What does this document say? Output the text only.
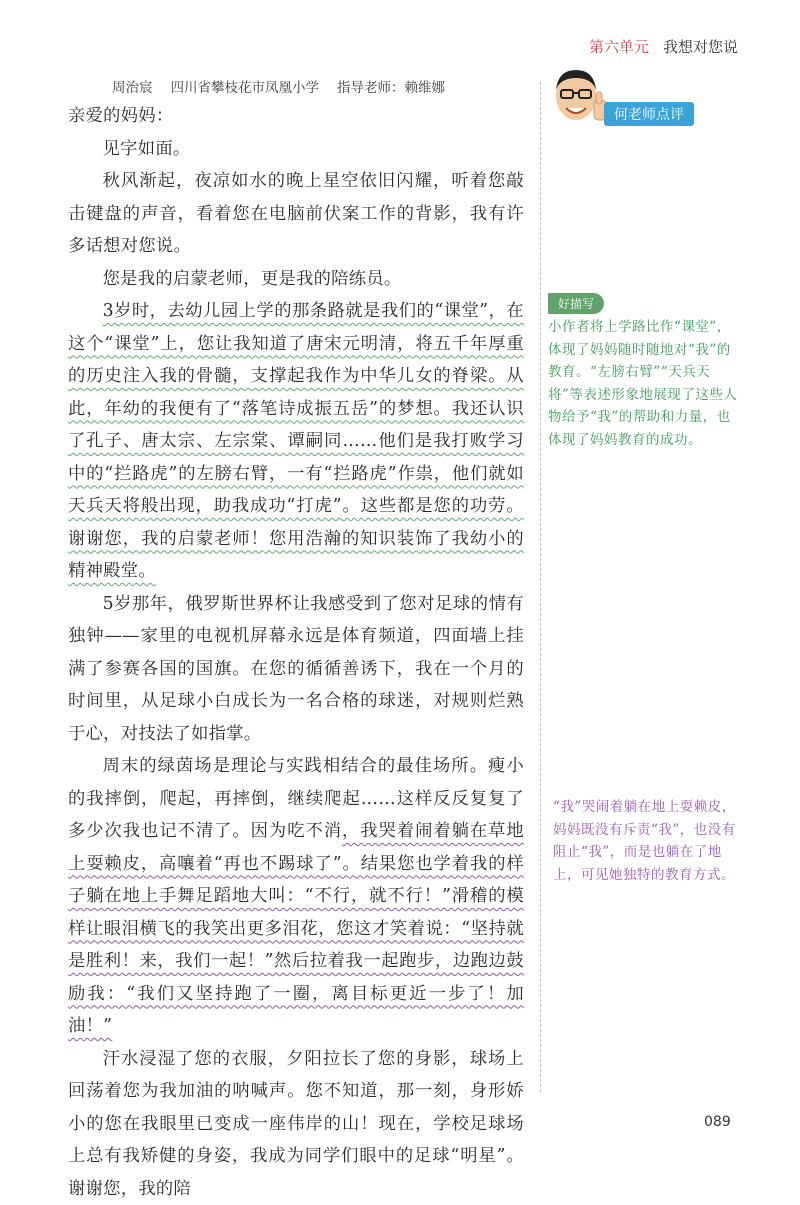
第六单元 我想对您说
周治宸 四川省攀枝花市凤凰小学 指导老师：赖维娜

亲爱的妈妈：

见字如面。

秋风渐起，夜凉如水的晚上星空依旧闪耀，听着您敲击键盘的声音，看着您在电脑前伏案工作的背影，我有许多话想对您说。

您是我的启蒙老师，更是我的陪练员。

3岁时，去幼儿园上学的那条路就是我们的“课堂”，在这个“课堂”上，您让我知道了唐宋元明清，将五千年厚重的历史注入我的骨髓，支撑起我作为中华儿女的脊梁。从此，年幼的我便有了“落笔诗成振五岳”的梦想。我还认识了孔子、唐太宗、左宗棠、谭嗣同……他们是我打败学习中的“拦路虎”的左膀右臂，一有“拦路虎”作祟，他们就如天兵天将般出现，助我成功“打虎”。这些都是您的功劳。谢谢您，我的启蒙老师！您用浩瀚的知识装饰了我幼小的精神殿堂。

5岁那年，俄罗斯世界杯让我感受到了您对足球的情有独钟——家里的电视机屏幕永远是体育频道，四面墙上挂满了参赛各国的国旗。在您的循循善诱下，我在一个月的时间里，从足球小白成长为一名合格的球迷，对规则烂熟于心，对技法了如指掌。

周末的绿茵场是理论与实践相结合的最佳场所。瘦小的我摔倒，爬起，再摔倒，继续爬起……这样反反复复了多少次我也记不清了。因为吃不消，我哭着闹着躺在草地上耍赖皮，高嚷着“再也不踢球了”。结果您也学着我的样子躺在地上手舞足蹈地大叫：“不行，就不行！”滑稽的模样让眼泪横飞的我笑出更多泪花，您这才笑着说：“坚持就是胜利！来，我们一起！”然后拉着我一起跑步，边跑边鼓励我：“我们又坚持跑了一圈，离目标更近一步了！加油！”

汗水浸湿了您的衣服，夕阳拉长了您的身影，球场上回荡着您为我加油的呐喊声。您不知道，那一刻，身形娇小的您在我眼里已变成一座伟岸的山！现在，学校足球场上总有我矫健的身姿，我成为同学们眼中的足球“明星”。谢谢您，我的陪

何老师点评
好描写
小作者将上学路比作“课堂”，体现了妈妈随时随地对“我”的教育。“左膀右臂”“天兵天将”等表述形象地展现了这些人物给予“我”的帮助和力量，也体现了妈妈教育的成功。
“我”哭闹着躺在地上耍赖皮，妈妈既没有斥责“我”，也没有阻止“我”，而是也躺在了地上，可见她独特的教育方式。
089
